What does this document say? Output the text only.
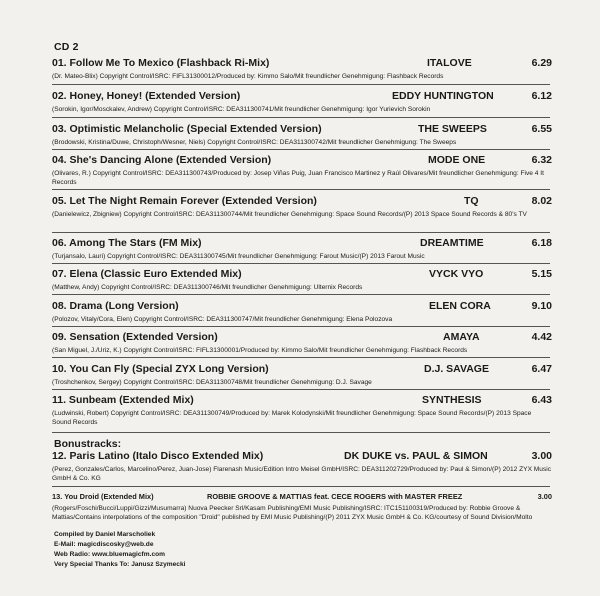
CD 2
01. Follow Me To Mexico (Flashback Ri-Mix)	ITALOVE	6.29
(Dr. Mateo-Blix) Copyright Control/ISRC: FIFL31300012/Produced by: Kimmo Salo/Mit freundlicher Genehmigung: Flashback Records
02. Honey, Honey! (Extended Version)	EDDY HUNTINGTON	6.12
(Sorokin, Igor/Mosckalev, Andrew) Copyright Control/ISRC: DEA311300741/Mit freundlicher Genehmigung: Igor Yurievich Sorokin
03. Optimistic Melancholic (Special Extended Version)	THE SWEEPS	6.55
(Brodowski, Kristina/Duwe, Christoph/Wesner, Niels) Copyright Control/ISRC: DEA311300742/Mit freundlicher Genehmigung: The Sweeps
04. She's Dancing Alone (Extended Version)	MODE ONE	6.32
(Olivares, R.) Copyright Control/ISRC: DEA311300743/Produced by: Josep Viñas Puig, Juan Francisco Martinez y Raúl Olivares/Mit freundlicher Genehmigung: Five 4 It Records
05. Let The Night Remain Forever (Extended Version)	TQ	8.02
(Danielewicz, Zbigniew) Copyright Control/ISRC: DEA311300744/Mit freundlicher Genehmigung: Space Sound Records/(P) 2013 Space Sound Records & 80's TV
06. Among The Stars (FM Mix)	DREAMTIME	6.18
(Turjansalo, Lauri) Copyright Control/ISRC: DEA311300745/Mit freundlicher Genehmigung: Farout Music/(P) 2013 Farout Music
07. Elena (Classic Euro Extended Mix)	VYCK VYO	5.15
(Matthew, Andy) Copyright Control/ISRC: DEA311300746/Mit freundlicher Genehmigung: Ulternix Records
08. Drama (Long Version)	ELEN CORA	9.10
(Polozov, Vitaly/Cora, Elen) Copyright Control/ISRC: DEA311300747/Mit freundlicher Genehmigung: Elena Polozova
09. Sensation (Extended Version)	AMAYA	4.42
(San Miguel, J./Uriz, K.) Copyright Control/ISRC: FIFL31300001/Produced by: Kimmo Salo/Mit freundlicher Genehmigung: Flashback Records
10. You Can Fly (Special ZYX Long Version)	D.J. SAVAGE	6.47
(Troshchenkov, Sergey) Copyright Control/ISRC: DEA311300748/Mit freundlicher Genehmigung: D.J. Savage
11. Sunbeam (Extended Mix)	SYNTHESIS	6.43
(Ludwinski, Robert) Copyright Control/ISRC: DEA311300749/Produced by: Marek Kolodynski/Mit freundlicher Genehmigung: Space Sound Records/(P) 2013 Space Sound Records
Bonustracks:
12. Paris Latino (Italo Disco Extended Mix)	DK DUKE vs. PAUL & SIMON	3.00
(Perez, Gonzales/Carlos, Marcelino/Perez, Juan-Jose) Flarenash Music/Edition Intro Meisel GmbH/ISRC: DEA311202729/Produced by: Paul & Simon/(P) 2012 ZYX Music GmbH & Co. KG
13. You Droid (Extended Mix)	ROBBIE GROOVE & MATTIAS feat. CECE ROGERS with MASTER FREEZ	3.00
(Rogers/Foschi/Bucci/Luppi/Gizzi/Musumarra) Nuova Peecker Srl/Kasam Publishing/EMI Music Publishing/ISRC: ITC151100319/Produced by: Robbie Groove & Mattias/Contains interpolations of the composition "Droid" published by EMI Music Publishing/(P) 2011 ZYX Music GmbH & Co. KG/courtesy of Sound Division/Molto
Compiled by Daniel Marscholiek
E-Mail: magicdiscosky@web.de
Web Radio: www.bluemagicfm.com
Very Special Thanks To: Janusz Szymecki
